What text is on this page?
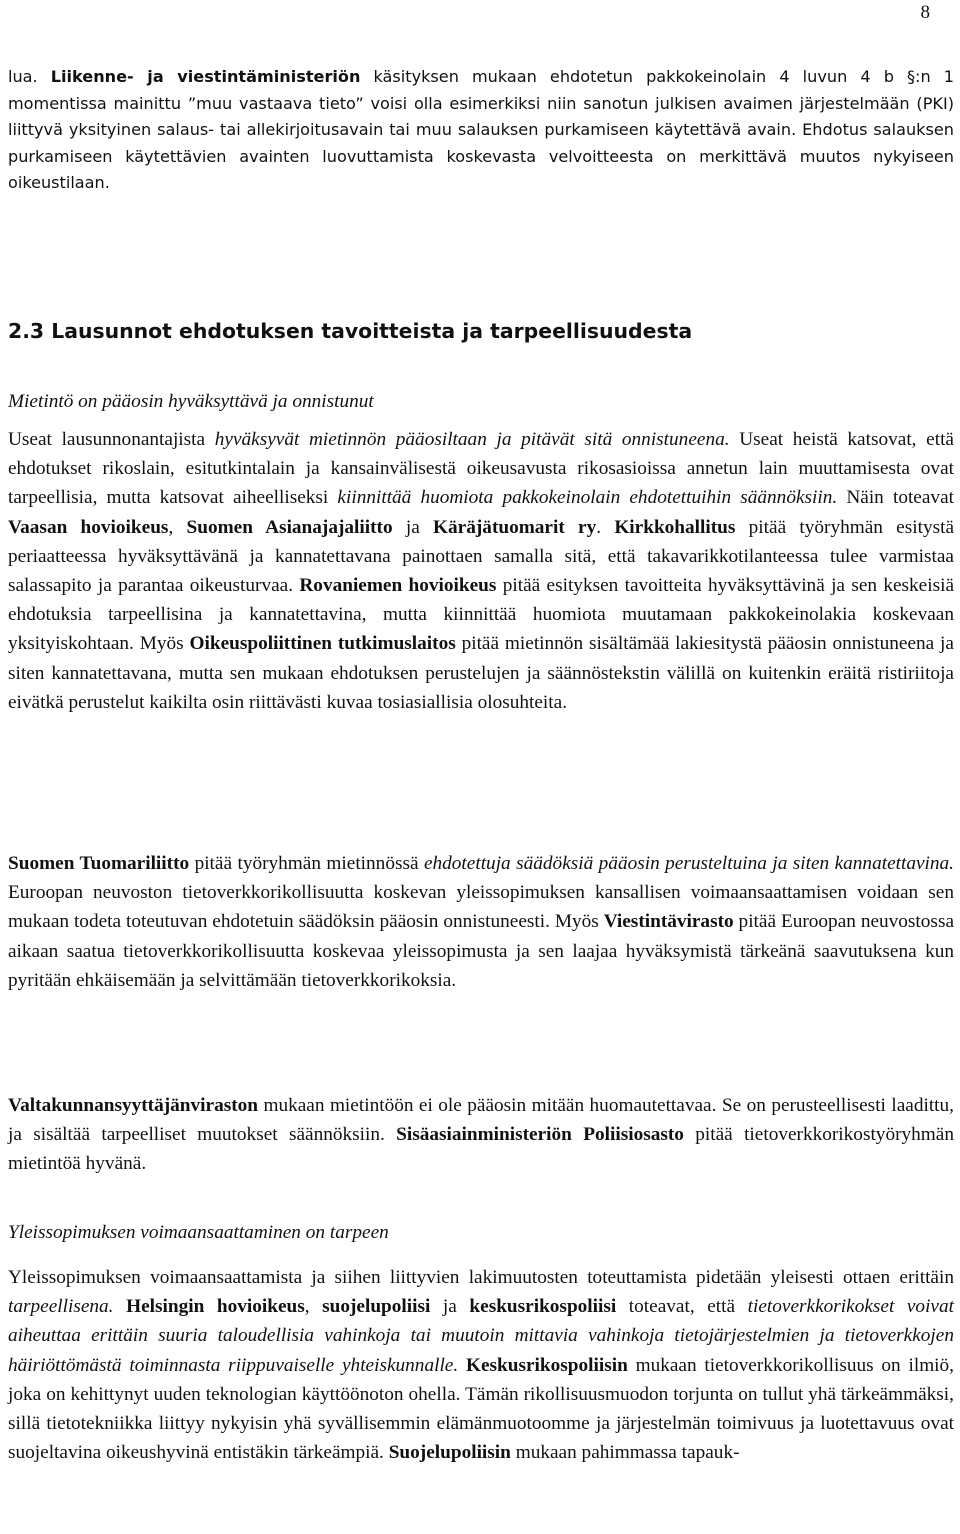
8
lua. Liikenne- ja viestintäministeriön käsityksen mukaan ehdotetun pakkokeinolain 4 luvun 4 b §:n 1 momentissa mainittu ”muu vastaava tieto” voisi olla esimerkiksi niin sanotun julkisen avaimen järjestelmään (PKI) liittyvä yksityinen salaus- tai allekirjoitusavain tai muu salauksen purkamiseen käytettävä avain. Ehdotus salauksen purkamiseen käytettävien avainten luovuttamista koskevasta velvoitteesta on merkittävä muutos nykyiseen oikeustilaan.
2.3 Lausunnot ehdotuksen tavoitteista ja tarpeellisuudesta
Mietintö on pääosin hyväksyttävä ja onnistunut

Useat lausunnonantajista hyväksyvät mietinnön pääosiltaan ja pitävät sitä onnistuneena. Useat heistä katsovat, että ehdotukset rikoslain, esitutkintalain ja kansainvälisestä oikeusavusta rikosasioissa annetun lain muuttamisesta ovat tarpeellisia, mutta katsovat aiheelliseksi kiinnittää huomiota pakkokeinolain ehdotettuihin säännöksiin. Näin toteavat Vaasan hovioikeus, Suomen Asianajajaliitto ja Käräjätuomarit ry. Kirkkohallitus pitää työryhmän esitystä periaatteessa hyväksyttävänä ja kannatettavana painottaen samalla sitä, että takavarikkotilanteessa tulee varmistaa salassapito ja parantaa oikeusturvaa. Rovaniemen hovioikeus pitää esityksen tavoitteita hyväksyttävinä ja sen keskeisiä ehdotuksia tarpeellisina ja kannatettavina, mutta kiinnittää huomiota muutamaan pakkokeinolakia koskevaan yksityiskohtaan. Myös Oikeuspoliittinen tutkimuslaitos pitää mietinnön sisältämää lakiesitystä pääosin onnistuneena ja siten kannatettavana, mutta sen mukaan ehdotuksen perustelujen ja säännöstekstin välillä on kuitenkin eräitä ristiriitoja eivätkä perustelut kaikilta osin riittävästi kuvaa tosiasiallisia olosuhteita.

Suomen Tuomariliitto pitää työryhmän mietinnössä ehdotettuja säädöksiä pääosin perusteltuina ja siten kannatettavina. Euroopan neuvoston tietoverkkorikollisuutta koskevan yleissopimuksen kansallisen voimaansaattamisen voidaan sen mukaan todeta toteutuvan ehdotetuin säädöksin pääosin onnistuneesti. Myös Viestintävirasto pitää Euroopan neuvostossa aikaan saatua tietoverkkorikollisuutta koskevaa yleissopimusta ja sen laajaa hyväksymistä tärkeänä saavutuksena kun pyritään ehkäisemään ja selvittämään tietoverkkorikoksia.

Valtakunnansyyttäjänviraston mukaan mietintöön ei ole pääosin mitään huomautettavaa. Se on perusteellisesti laadittu, ja sisältää tarpeelliset muutokset säännöksiin. Sisäasiainministeriön Poliisiosasto pitää tietoverkkorikostyöryhmän mietintöä hyvänä.

Yleissopimuksen voimaansaattaminen on tarpeen

Yleissopimuksen voimaansaattamista ja siihen liittyvien lakimuutosten toteuttamista pidetään yleisesti ottaen erittäin tarpeellisena. Helsingin hovioikeus, suojelupoliisi ja keskusrikospoliisi toteavat, että tietoverkkorikokset voivat aiheuttaa erittäin suuria taloudellisia vahinkoja tai muutoin mittavia vahinkoja tietojärjestelmien ja tietoverkkojen häiriöttömästä toiminnasta riippuvaiselle yhteiskunnalle. Keskusrikospoliisin mukaan tietoverkkorikollisuus on ilmiö, joka on kehittynyt uuden teknologian käyttöönoton ohella. Tämän rikollisuusmuodon torjunta on tullut yhä tärkeämmäksi, sillä tietotekniikka liittyy nykyisin yhä syvällisemmin elämänmuotoomme ja järjestelmän toimivuus ja luotettavuus ovat suojeltavina oikeushyvinä entistäkin tärkeämpiä. Suojelupoliisin mukaan pahimmassa tapauk-
